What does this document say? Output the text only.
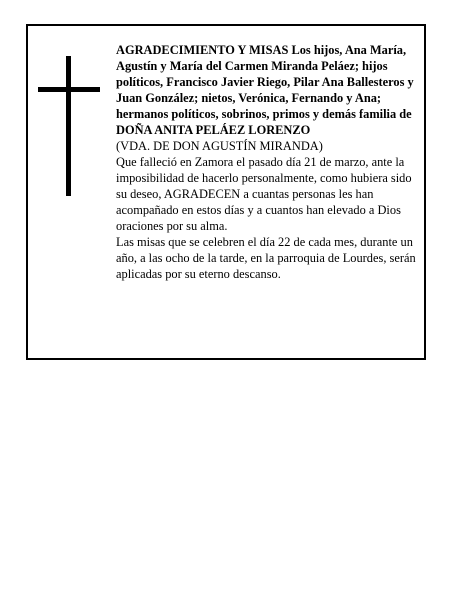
AGRADECIMIENTO Y MISAS Los hijos, Ana María, Agustín y María del Carmen Miranda Peláez; hijos políticos, Francisco Javier Riego, Pilar Ana Ballesteros y Juan González; nietos, Verónica, Fernando y Ana; hermanos políticos, sobrinos, primos y demás familia de

DOÑA ANITA PELÁEZ LORENZO

(VDA. DE DON AGUSTÍN MIRANDA)

Que falleció en Zamora el pasado día 21 de marzo, ante la imposibilidad de hacerlo personalmente, como hubiera sido su deseo, AGRADECEN a cuantas personas les han acompañado en estos días y a cuantos han elevado a Dios oraciones por su alma.

Las misas que se celebren el día 22 de cada mes, durante un año, a las ocho de la tarde, en la parroquia de Lourdes, serán aplicadas por su eterno descanso.
